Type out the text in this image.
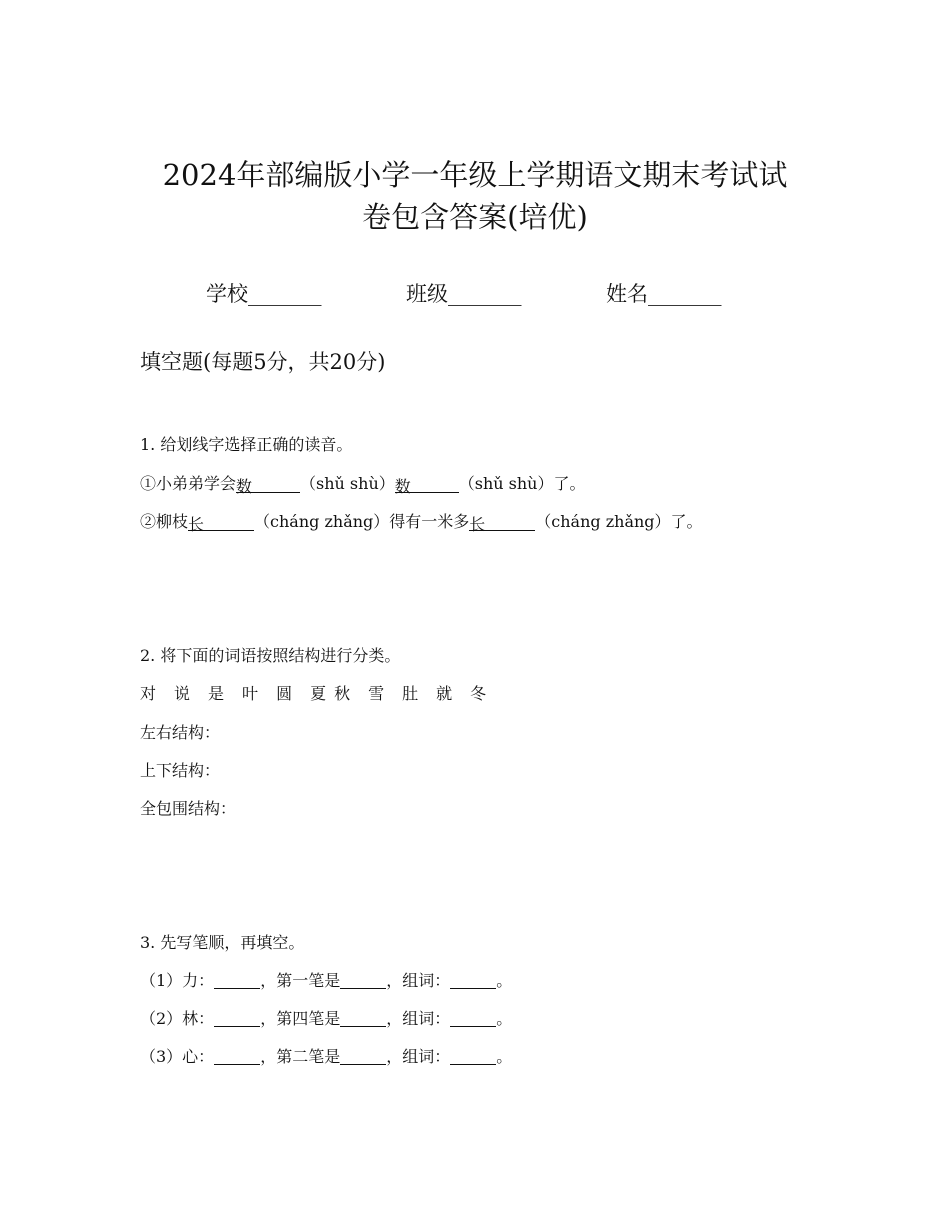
2024年部编版小学一年级上学期语文期末考试试
卷包含答案(培优)
学校_______	班级_______	姓名_______
填空题(每题5分，共20分)
1. 给划线字选择正确的读音。
①小弟弟学会数	（shǔ shù）数	（shǔ shù）了。
②柳枝长	（cháng zhǎng）得有一米多长	（cháng zhǎng）了。
2. 将下面的词语按照结构进行分类。
对 说 是 叶 圆 夏 秋 雪 肚 就 冬
左右结构：
上下结构：
全包围结构：
3. 先写笔顺，再填空。
（1）力：	，第一笔是	，组词：	。
（2）林：	，第四笔是	，组词：	。
（3）心：	，第二笔是	，组词：	。
